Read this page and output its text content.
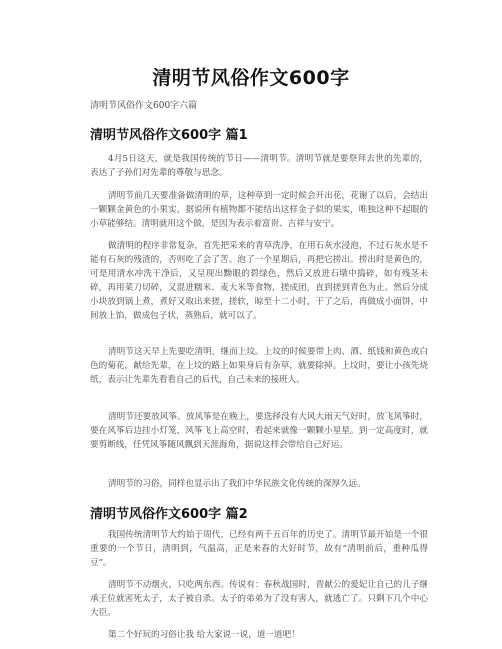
清明节风俗作文600字
清明节风俗作文600字六篇
清明节风俗作文600字 篇1

4月5日这天，就是我国传统的节日——清明节。清明节就是要祭拜去世的先辈的，表达了子孙们对先辈的尊敬与思念。

清明节前几天要准备做清明的草，这种草到一定时候会开出花，花谢了以后，会结出一颗颗金黄色的小果实，据说所有植物都不能结出这样金子似的果实，唯独这种不起眼的小草能够结。清明就用这个做，是因为表示着富贵、吉祥与安宁。

做清明的程序非常复杂，首先把采来的青草洗净，在用石灰水浸泡，不过石灰水是不能有石灰的残渣的，否则吃了会了苦。泡了一个星期后，再把它捞出。捞出时是黄色的，可是用清水冲洗干净后，又呈现出黝眼的碧绿色，然后又放进石墩中捣碎，如有残茎未碎，再用菜刀切碎，又混进糯米、麦大米等食物，搓成团，直到搓到青色为止。然后分成小块放到锅上煮，煮好又取出来搓，搓软，晾至十二小时，干了之后，再做成小面饼，中间放上馅，做成包子状，蒸熟后，就可以了。

清明节这天早上先要吃清明，继而上坟。上坟的时候要带上肉、酒、纸钱和黄色或白色的菊花，献给先辈，在上坟的路上如果身后有杂草，就要除掉。上坟时，要让小孩先烧纸，表示让先辈先看看自己的后代，自己未来的接班人。

清明节还要放风筝。放风筝是在晚上，要选择没有大风大雨天气好时，放飞风筝时，要在风筝后边挂小灯笼，风筝飞上高空时，看起来就像一颗颗小星星。到一定高度时，就要剪断线，任凭风筝随风飘到天涯海角，据说这样会带给自己好运。

清明节的习俗，同样也显示出了我们中华民族文化传统的深厚久远。

清明节风俗作文600字 篇2

我国传统清明节大约始于周代，已经有两千五百年的历史了。清明节最开始是一个很重要的一个节日，清明到，气温高，正是来春的大好时节，故有“清明前后，重种瓜得豆”。

清明节不动烟火，只吃两东西。传说有：春秋战国时，晋献公的爱妃让自己的儿子继承王位就害死太子，太子被自杀。太子的弟弟为了没有害人，就逃亡了。只剩下几个中心大臣。

第二个好玩的习俗让我 给大家说一说，道一道吧！
